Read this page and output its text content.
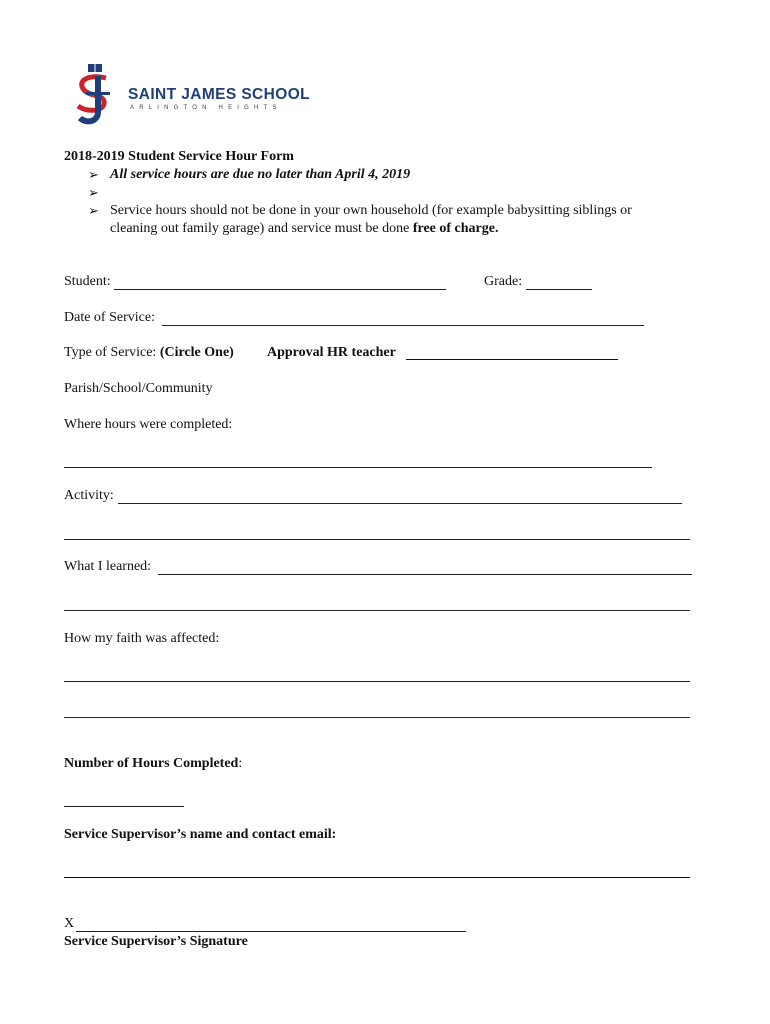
SAINT JAMES SCHOOL
ARLINGTON HEIGHTS
2018-2019 Student Service Hour Form
➢ All service hours are due no later than April 4, 2019
➢
➢ Service hours should not be done in your own household (for example babysitting siblings or
cleaning out family garage) and service must be done free of charge.
Student:	Grade:
Date of Service:
Type of Service: (Circle One) Approval HR teacher
Parish/School/Community
Where hours were completed:
Activity:
What I learned:
How my faith was affected:
Number of Hours Completed:
Service Supervisor’s name and contact email:
X
Service Supervisor’s Signature
